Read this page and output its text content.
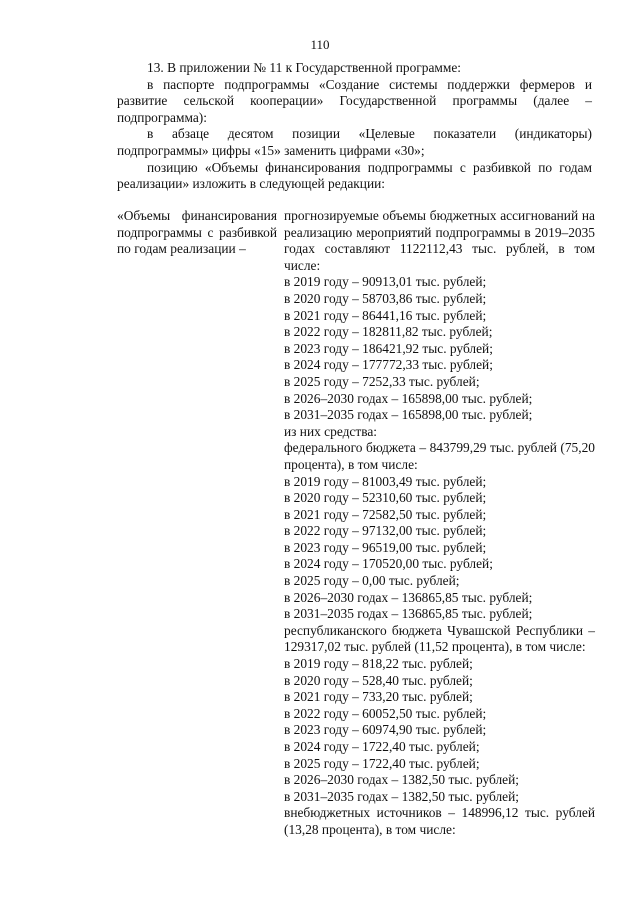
110

13. В приложении № 11 к Государственной программе:

в паспорте подпрограммы «Создание системы поддержки фермеров и развитие сельской кооперации» Государственной программы (далее – подпрограмма):

в абзаце десятом позиции «Целевые показатели (индикаторы) подпрограммы» цифры «15» заменить цифрами «30»;

позицию «Объемы финансирования подпрограммы с разбивкой по годам реализации» изложить в следующей редакции:

«Объемы финансирования подпрограммы с разбивкой по годам реализации –
прогнозируемые объемы бюджетных ассигнований на реализацию мероприятий подпрограммы в 2019–2035 годах составляют 1122112,43 тыс. рублей, в том числе:
в 2019 году – 90913,01 тыс. рублей;
в 2020 году – 58703,86 тыс. рублей;
в 2021 году – 86441,16 тыс. рублей;
в 2022 году – 182811,82 тыс. рублей;
в 2023 году – 186421,92 тыс. рублей;
в 2024 году – 177772,33 тыс. рублей;
в 2025 году – 7252,33 тыс. рублей;
в 2026–2030 годах – 165898,00 тыс. рублей;
в 2031–2035 годах – 165898,00 тыс. рублей;
из них средства:
федерального бюджета – 843799,29 тыс. рублей (75,20 процента), в том числе:
в 2019 году – 81003,49 тыс. рублей;
в 2020 году – 52310,60 тыс. рублей;
в 2021 году – 72582,50 тыс. рублей;
в 2022 году – 97132,00 тыс. рублей;
в 2023 году – 96519,00 тыс. рублей;
в 2024 году – 170520,00 тыс. рублей;
в 2025 году – 0,00 тыс. рублей;
в 2026–2030 годах – 136865,85 тыс. рублей;
в 2031–2035 годах – 136865,85 тыс. рублей;
республиканского бюджета Чувашской Республики – 129317,02 тыс. рублей (11,52 процента), в том числе:
в 2019 году – 818,22 тыс. рублей;
в 2020 году – 528,40 тыс. рублей;
в 2021 году – 733,20 тыс. рублей;
в 2022 году – 60052,50 тыс. рублей;
в 2023 году – 60974,90 тыс. рублей;
в 2024 году – 1722,40 тыс. рублей;
в 2025 году – 1722,40 тыс. рублей;
в 2026–2030 годах – 1382,50 тыс. рублей;
в 2031–2035 годах – 1382,50 тыс. рублей;
внебюджетных источников – 148996,12 тыс. рублей (13,28 процента), в том числе:
